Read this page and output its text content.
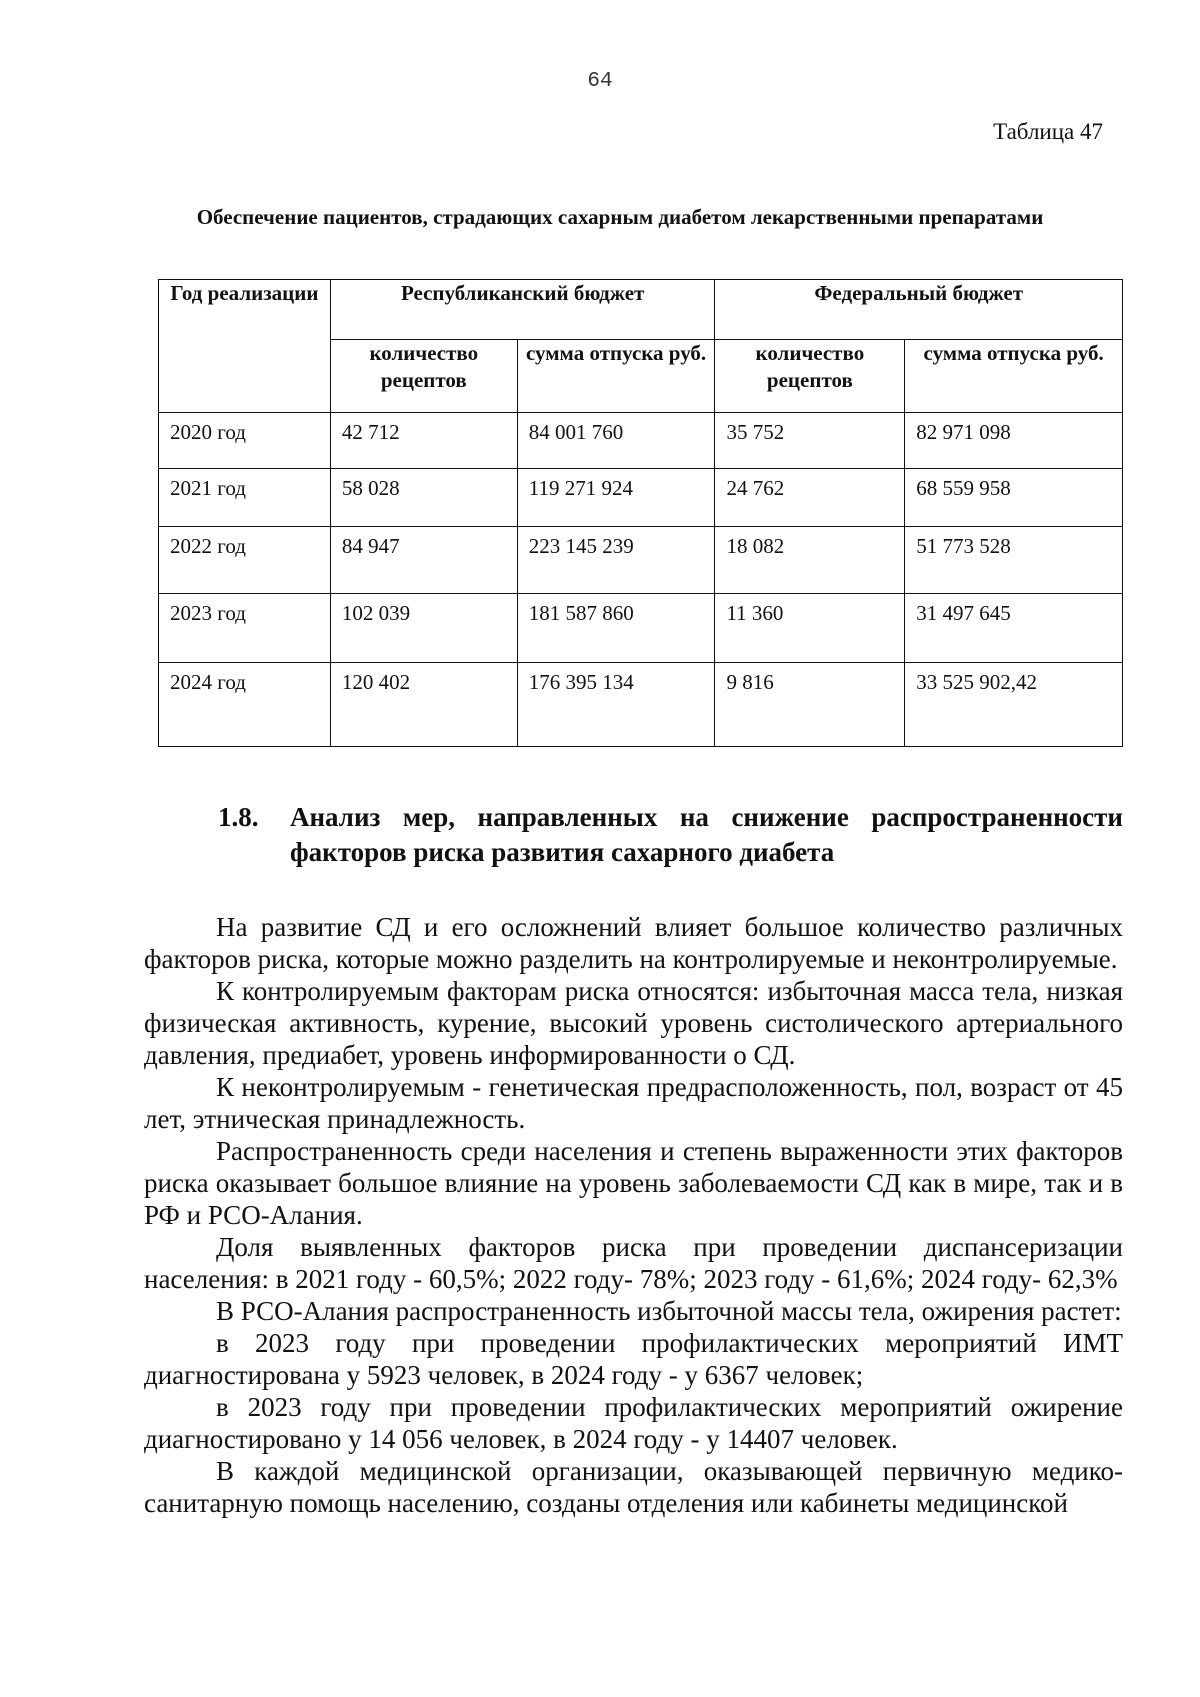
64
Таблица 47
Обеспечение пациентов, страдающих сахарным диабетом лекарственными препаратами
Год реализации	Республиканский бюджет		Федеральный бюджет	
	количество рецептов	сумма отпуска руб.	количество рецептов	сумма отпуска руб.
2020 год	42 712	84 001 760	35 752	82 971 098
2021 год	58 028	119 271 924	24 762	68 559 958
2022 год	84 947	223 145 239	18 082	51 773 528
2023 год	102 039	181 587 860	11 360	31 497 645
2024 год	120 402	176 395 134	9 816	33 525 902,42
1.8. Анализ мер, направленных на снижение распространенности
факторов риска развития сахарного диабета

На развитие СД и его осложнений влияет большое количество различных факторов риска, которые можно разделить на контролируемые и неконтролируемые.

К контролируемым факторам риска относятся: избыточная масса тела, низкая физическая активность, курение, высокий уровень систолического артериального давления, предиабет, уровень информированности о СД.

К неконтролируемым - генетическая предрасположенность, пол, возраст от 45 лет, этническая принадлежность.

Распространенность среди населения и степень выраженности этих факторов риска оказывает большое влияние на уровень заболеваемости СД как в мире, так и в РФ и РСО-Алания.

Доля выявленных факторов риска при проведении диспансеризации населения: в 2021 году - 60,5%; 2022 году- 78%; 2023 году - 61,6%; 2024 году- 62,3%

В РСО-Алания распространенность избыточной массы тела, ожирения растет:

в 2023 году при проведении профилактических мероприятий ИМТ диагностирована у 5923 человек, в 2024 году - у 6367 человек;

в 2023 году при проведении профилактических мероприятий ожирение диагностировано у 14 056 человек, в 2024 году - у 14407 человек.

В каждой медицинской организации, оказывающей первичную медико-санитарную помощь населению, созданы отделения или кабинеты медицинской
